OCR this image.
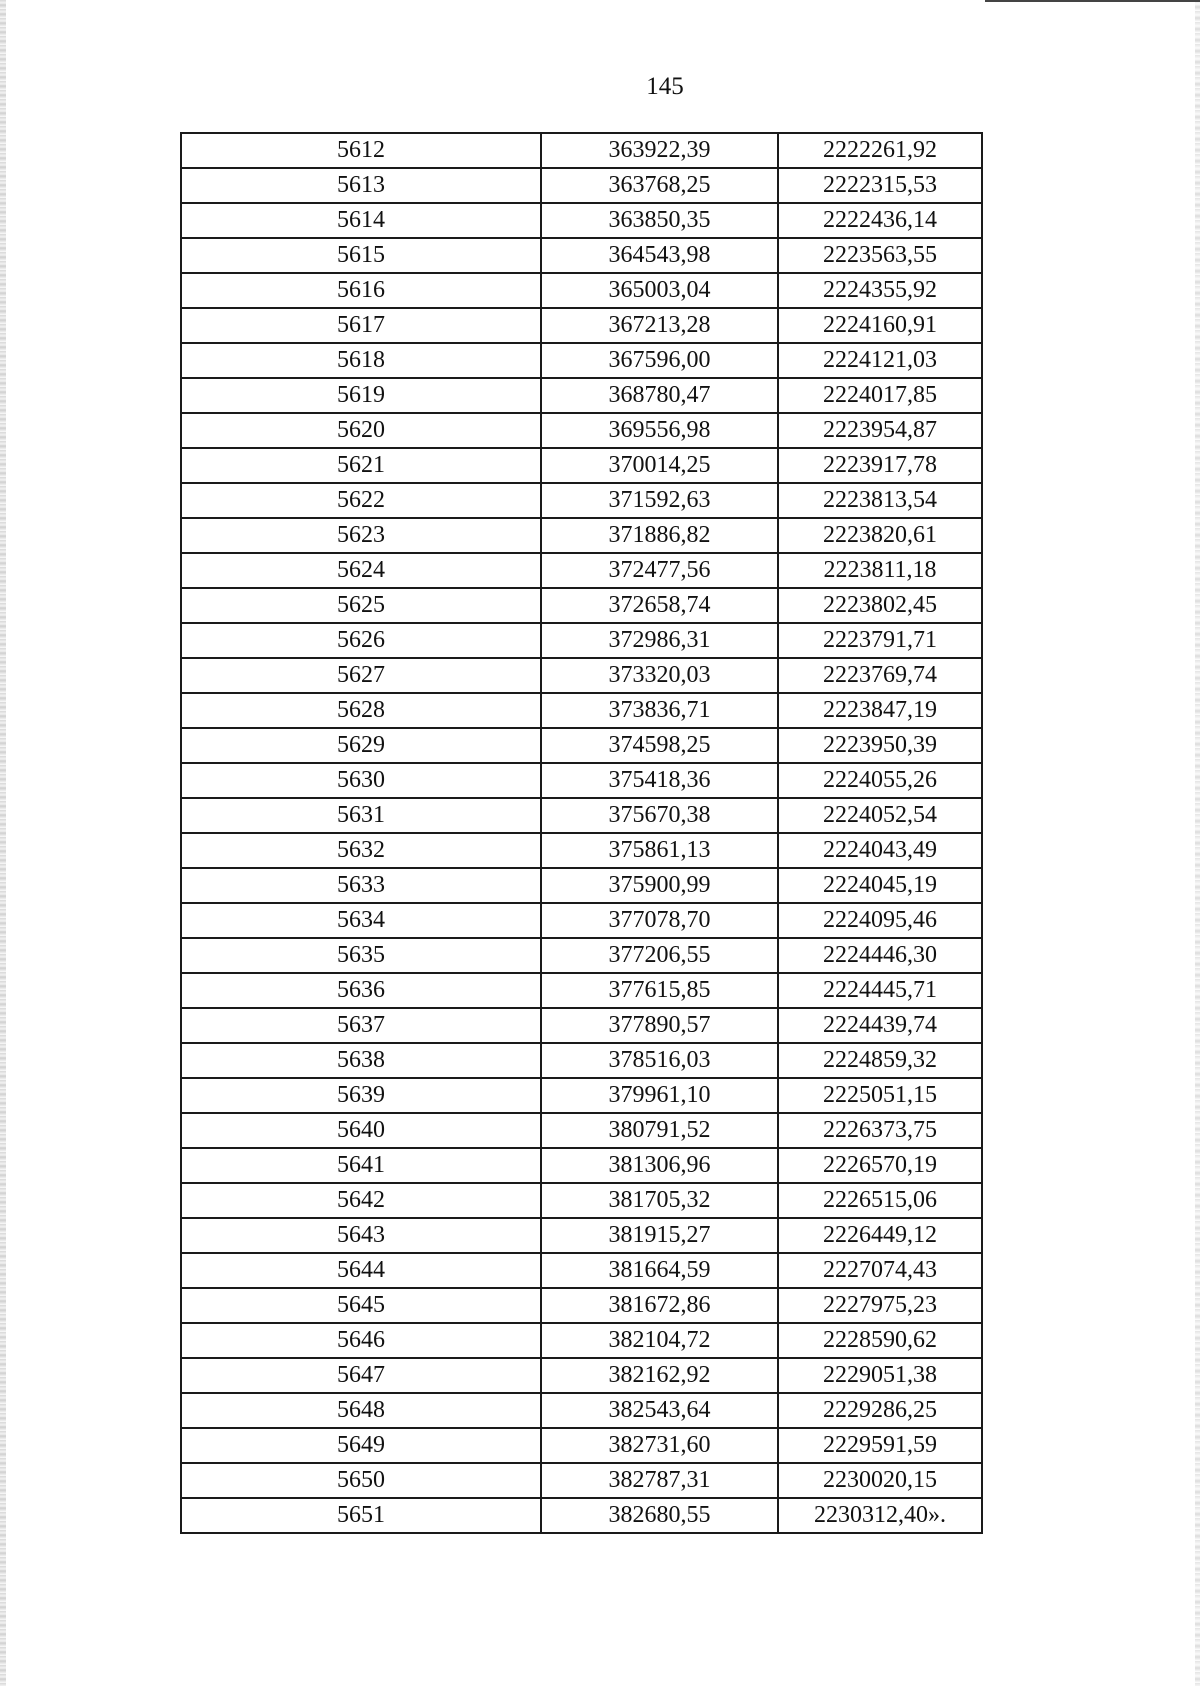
145
5612	363922,39	2222261,92
5613	363768,25	2222315,53
5614	363850,35	2222436,14
5615	364543,98	2223563,55
5616	365003,04	2224355,92
5617	367213,28	2224160,91
5618	367596,00	2224121,03
5619	368780,47	2224017,85
5620	369556,98	2223954,87
5621	370014,25	2223917,78
5622	371592,63	2223813,54
5623	371886,82	2223820,61
5624	372477,56	2223811,18
5625	372658,74	2223802,45
5626	372986,31	2223791,71
5627	373320,03	2223769,74
5628	373836,71	2223847,19
5629	374598,25	2223950,39
5630	375418,36	2224055,26
5631	375670,38	2224052,54
5632	375861,13	2224043,49
5633	375900,99	2224045,19
5634	377078,70	2224095,46
5635	377206,55	2224446,30
5636	377615,85	2224445,71
5637	377890,57	2224439,74
5638	378516,03	2224859,32
5639	379961,10	2225051,15
5640	380791,52	2226373,75
5641	381306,96	2226570,19
5642	381705,32	2226515,06
5643	381915,27	2226449,12
5644	381664,59	2227074,43
5645	381672,86	2227975,23
5646	382104,72	2228590,62
5647	382162,92	2229051,38
5648	382543,64	2229286,25
5649	382731,60	2229591,59
5650	382787,31	2230020,15
5651	382680,55	2230312,40».
